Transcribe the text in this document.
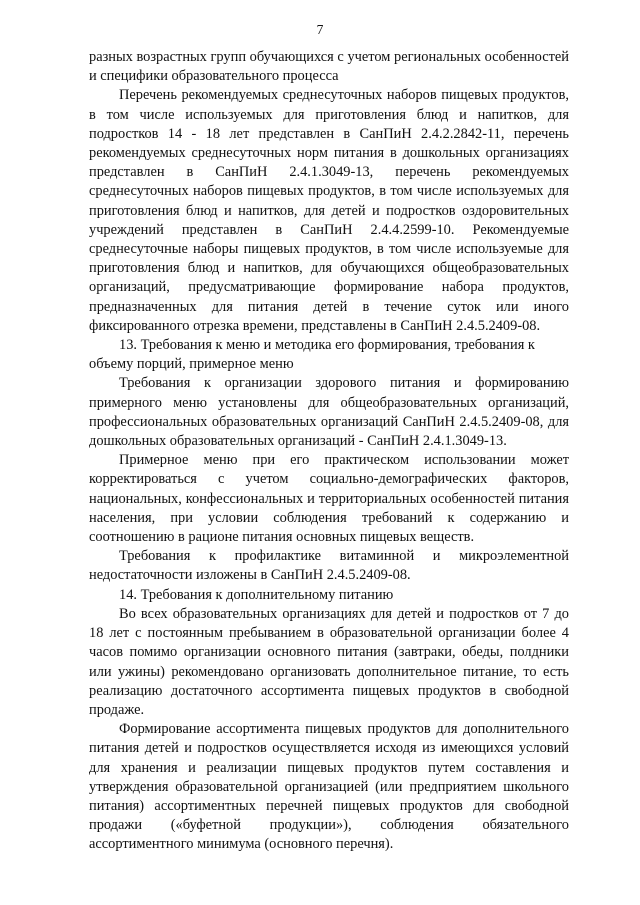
7

разных возрастных групп обучающихся с учетом региональных особенностей и специфики образовательного процесса

Перечень рекомендуемых среднесуточных наборов пищевых продуктов, в том числе используемых для приготовления блюд и напитков, для подростков 14 - 18 лет представлен в СанПиН 2.4.2.2842-11, перечень рекомендуемых среднесуточных норм питания в дошкольных организациях представлен в СанПиН 2.4.1.3049-13, перечень рекомендуемых среднесуточных наборов пищевых продуктов, в том числе используемых для приготовления блюд и напитков, для детей и подростков оздоровительных учреждений представлен в СанПиН 2.4.4.2599-10. Рекомендуемые среднесуточные наборы пищевых продуктов, в том числе используемые для приготовления блюд и напитков, для обучающихся общеобразовательных организаций, предусматривающие формирование набора продуктов, предназначенных для питания детей в течение суток или иного фиксированного отрезка времени, представлены в СанПиН 2.4.5.2409-08.

13. Требования к меню и методика его формирования, требования к объему порций, примерное меню

Требования к организации здорового питания и формированию примерного меню установлены для общеобразовательных организаций, профессиональных образовательных организаций СанПиН 2.4.5.2409-08, для дошкольных образовательных организаций - СанПиН 2.4.1.3049-13.

Примерное меню при его практическом использовании может корректироваться с учетом социально-демографических факторов, национальных, конфессиональных и территориальных особенностей питания населения, при условии соблюдения требований к содержанию и соотношению в рационе питания основных пищевых веществ.

Требования к профилактике витаминной и микроэлементной недостаточности изложены в СанПиН 2.4.5.2409-08.

14. Требования к дополнительному питанию

Во всех образовательных организациях для детей и подростков от 7 до 18 лет с постоянным пребыванием в образовательной организации более 4 часов помимо организации основного питания (завтраки, обеды, полдники или ужины) рекомендовано организовать дополнительное питание, то есть реализацию достаточного ассортимента пищевых продуктов в свободной продаже.

Формирование ассортимента пищевых продуктов для дополнительного питания детей и подростков осуществляется исходя из имеющихся условий для хранения и реализации пищевых продуктов путем составления и утверждения образовательной организацией (или предприятием школьного питания) ассортиментных перечней пищевых продуктов для свободной продажи («буфетной продукции»), соблюдения обязательного ассортиментного минимума (основного перечня).
